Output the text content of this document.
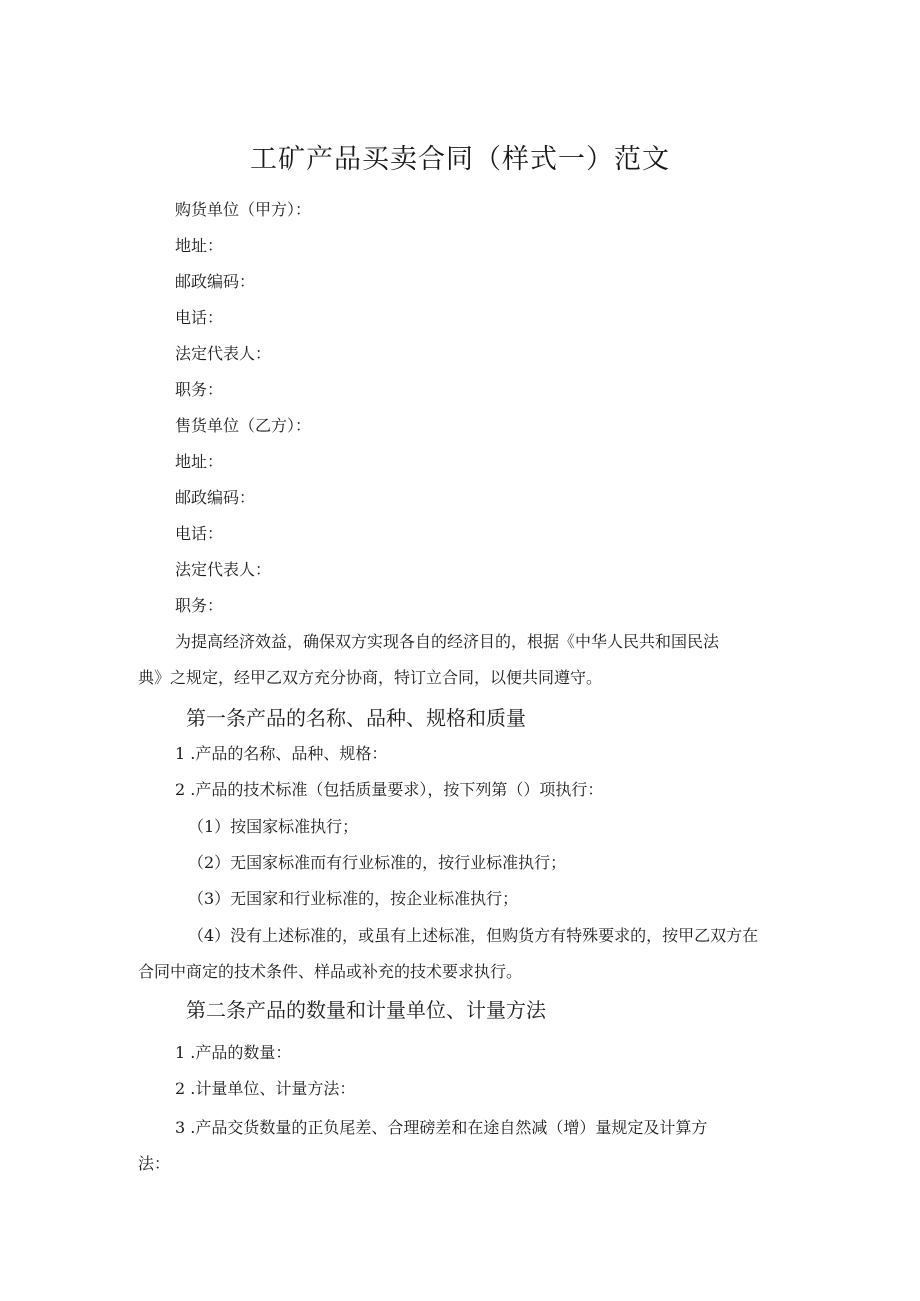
工矿产品买卖合同（样式一）范文
购货单位（甲方）：
地址：
邮政编码：
电话：
法定代表人：
职务：
售货单位（乙方）：
地址：
邮政编码：
电话：
法定代表人：
职务：
为提高经济效益，确保双方实现各自的经济目的，根据《中华人民共和国民法
典》之规定，经甲乙双方充分协商，特订立合同，以便共同遵守。
第一条产品的名称、品种、规格和质量
1 .产品的名称、品种、规格：
2 .产品的技术标准（包括质量要求），按下列第（）项执行：
（1）按国家标准执行；
（2）无国家标准而有行业标准的，按行业标准执行；
（3）无国家和行业标准的，按企业标准执行；
（4）没有上述标准的，或虽有上述标准，但购货方有特殊要求的，按甲乙双方在
合同中商定的技术条件、样品或补充的技术要求执行。
第二条产品的数量和计量单位、计量方法
1 .产品的数量：
2 .计量单位、计量方法：
3 .产品交货数量的正负尾差、合理磅差和在途自然减（增）量规定及计算方
法：
